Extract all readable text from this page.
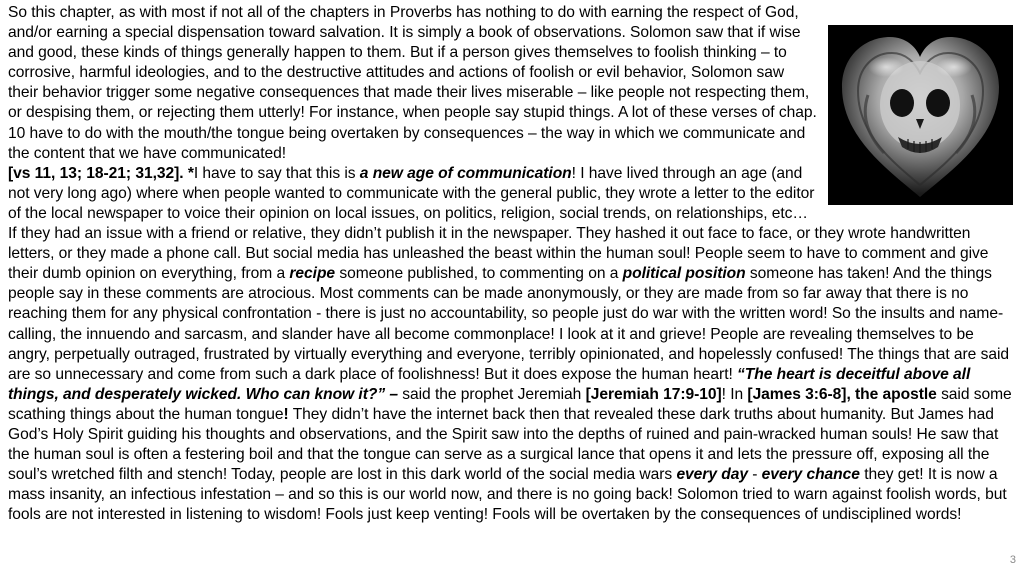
So this chapter, as with most if not all of the chapters in Proverbs has nothing to do with earning the respect of God, and/or earning a special dispensation toward salvation. It is simply a book of observations. Solomon saw that if wise and good, these kinds of things generally happen to them. But if a person gives themselves to foolish thinking – to corrosive, harmful ideologies, and to the destructive attitudes and actions of foolish or evil behavior, Solomon saw their behavior trigger some negative consequences that made their lives miserable – like people not respecting them, or despising them, or rejecting them utterly! For instance, when people say stupid things. A lot of these verses of chap. 10 have to do with the mouth/the tongue being overtaken by consequences – the way in which we communicate and the content that we have communicated!

[vs 11, 13; 18-21; 31,32]. *I have to say that this is a new age of communication! I have lived through an age (and not very long ago) where when people wanted to communicate with the general public, they wrote a letter to the editor of the local newspaper to voice their opinion on local issues, on politics, religion, social trends, on relationships, etc… If they had an issue with a friend or relative, they didn’t publish it in the newspaper. They hashed it out face to face, or they wrote handwritten letters, or they made a phone call. But social media has unleashed the beast within the human soul! People seem to have to comment and give their dumb opinion on everything, from a recipe someone published, to commenting on a political position someone has taken! And the things people say in these comments are atrocious. Most comments can be made anonymously, or they are made from so far away that there is no reaching them for any physical confrontation - there is just no accountability, so people just do war with the written word! So the insults and name-calling, the innuendo and sarcasm, and slander have all become commonplace! I look at it and grieve! People are revealing themselves to be angry, perpetually outraged, frustrated by virtually everything and everyone, terribly opinionated, and hopelessly confused! The things that are said are so unnecessary and come from such a dark place of foolishness! But it does expose the human heart! “The heart is deceitful above all things, and desperately wicked. Who can know it?” – said the prophet Jeremiah [Jeremiah 17:9-10]! In [James 3:6-8], the apostle said some scathing things about the human tongue! They didn’t have the internet back then that revealed these dark truths about humanity. But James had God’s Holy Spirit guiding his thoughts and observations, and the Spirit saw into the depths of ruined and pain-wracked human souls! He saw that the human soul is often a festering boil and that the tongue can serve as a surgical lance that opens it and lets the pressure off, exposing all the soul’s wretched filth and stench! Today, people are lost in this dark world of the social media wars every day - every chance they get! It is now a mass insanity, an infectious infestation – and so this is our world now, and there is no going back! Solomon tried to warn against foolish words, but fools are not interested in listening to wisdom! Fools just keep venting! Fools will be overtaken by the consequences of undisciplined words!

3
